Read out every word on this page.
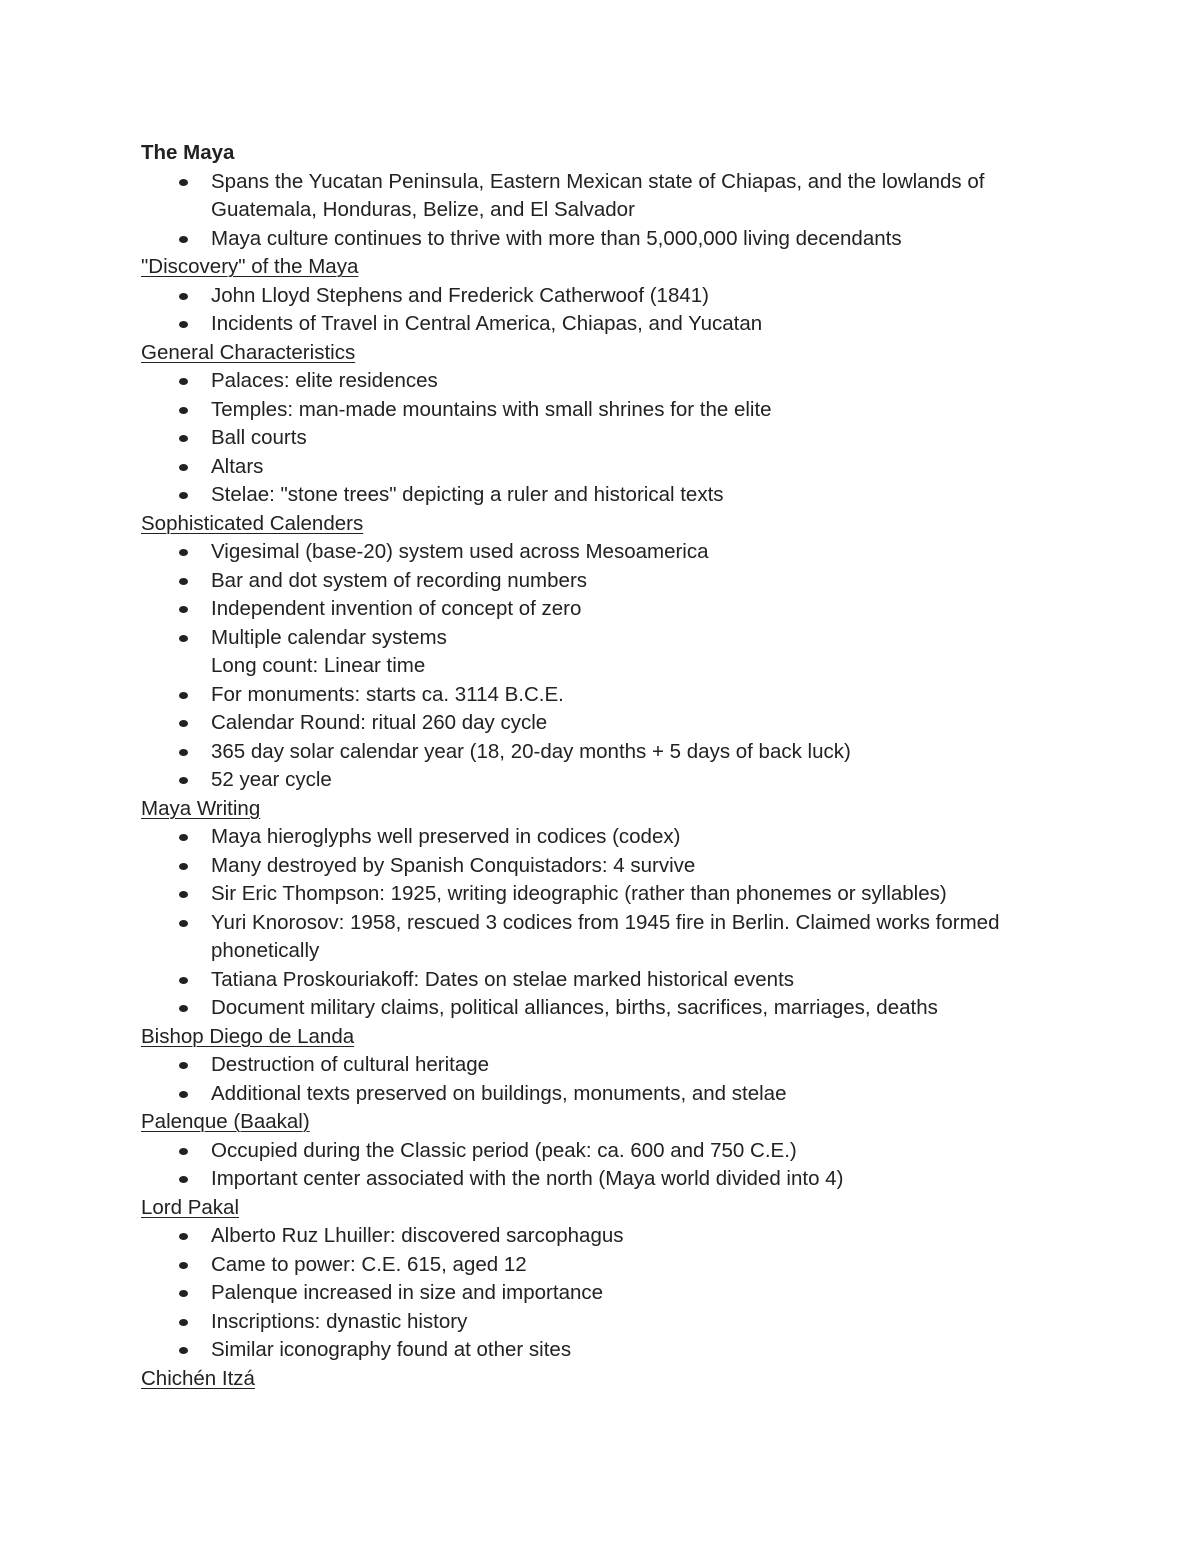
The Maya

Spans the Yucatan Peninsula, Eastern Mexican state of Chiapas, and the lowlands of Guatemala, Honduras, Belize, and El Salvador
Maya culture continues to thrive with more than 5,000,000 living decendants

"Discovery" of the Maya

John Lloyd Stephens and Frederick Catherwoof (1841)
Incidents of Travel in Central America, Chiapas, and Yucatan

General Characteristics

Palaces: elite residences
Temples: man-made mountains with small shrines for the elite
Ball courts
Altars
Stelae: "stone trees" depicting a ruler and historical texts

Sophisticated Calenders

Vigesimal (base-20) system used across Mesoamerica
Bar and dot system of recording numbers
Independent invention of concept of zero
Multiple calendar systems
Long count: Linear time
For monuments: starts ca. 3114 B.C.E.
Calendar Round: ritual 260 day cycle
365 day solar calendar year (18, 20-day months + 5 days of back luck)
52 year cycle

Maya Writing

Maya hieroglyphs well preserved in codices (codex)
Many destroyed by Spanish Conquistadors: 4 survive
Sir Eric Thompson: 1925, writing ideographic (rather than phonemes or syllables)
Yuri Knorosov: 1958, rescued 3 codices from 1945 fire in Berlin. Claimed works formed phonetically
Tatiana Proskouriakoff: Dates on stelae marked historical events
Document military claims, political alliances, births, sacrifices, marriages, deaths

Bishop Diego de Landa

Destruction of cultural heritage
Additional texts preserved on buildings, monuments, and stelae

Palenque (Baakal)

Occupied during the Classic period (peak: ca. 600 and 750 C.E.)
Important center associated with the north (Maya world divided into 4)

Lord Pakal

Alberto Ruz Lhuiller: discovered sarcophagus
Came to power: C.E. 615, aged 12
Palenque increased in size and importance
Inscriptions: dynastic history
Similar iconography found at other sites

Chichén Itzá
